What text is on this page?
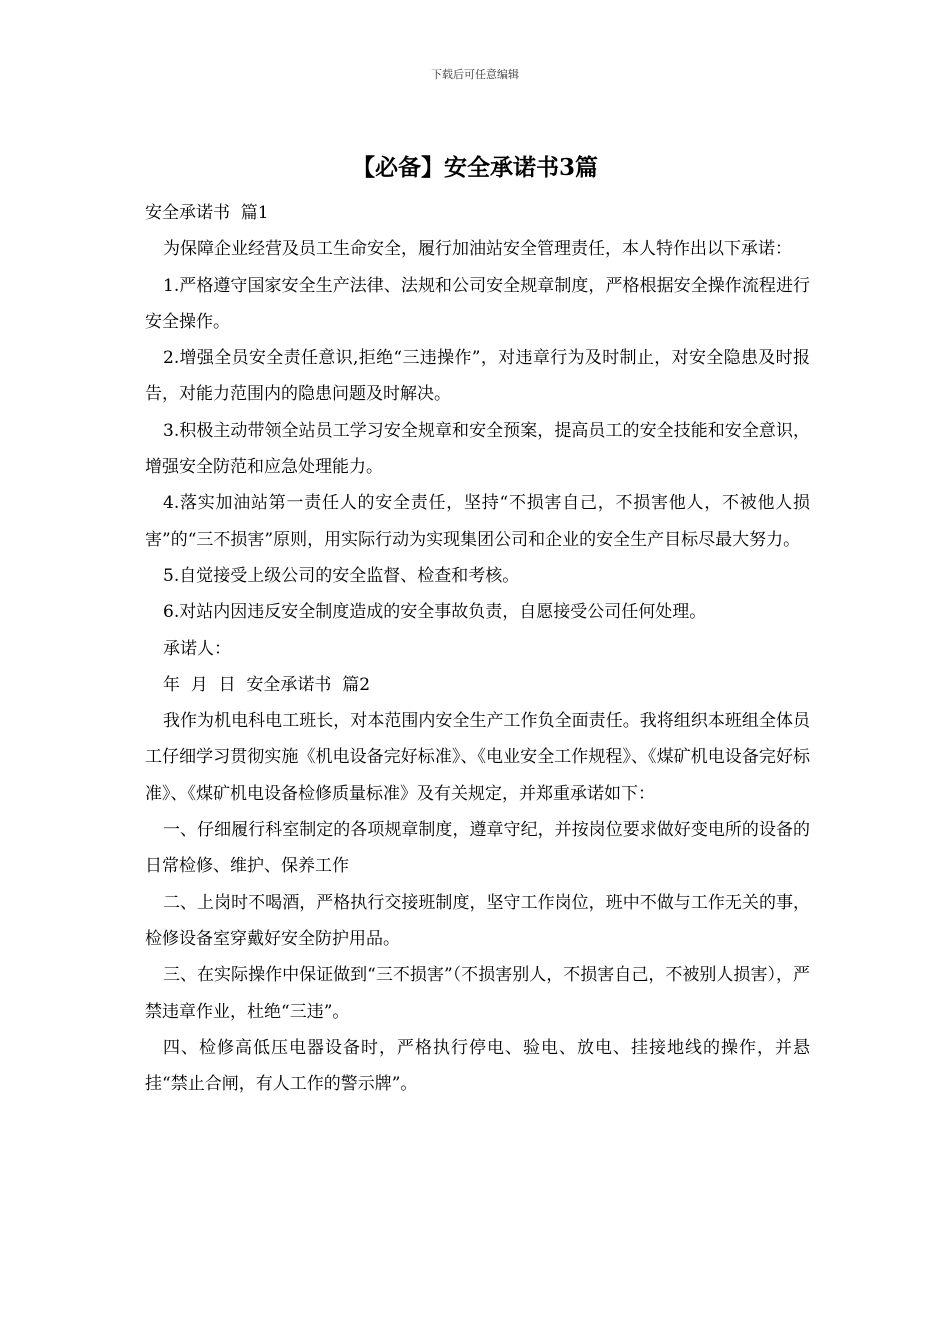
下载后可任意编辑
【必备】安全承诺书3篇

安全承诺书  篇1

为保障企业经营及员工生命安全，履行加油站安全管理责任，本人特作出以下承诺：

1.严格遵守国家安全生产法律、法规和公司安全规章制度，严格根据安全操作流程进行安全操作。

2.增强全员安全责任意识,拒绝“三违操作”，对违章行为及时制止，对安全隐患及时报告，对能力范围内的隐患问题及时解决。

3.积极主动带领全站员工学习安全规章和安全预案，提高员工的安全技能和安全意识，增强安全防范和应急处理能力。

4.落实加油站第一责任人的安全责任，坚持“不损害自己，不损害他人，不被他人损害”的“三不损害”原则，用实际行动为实现集团公司和企业的安全生产目标尽最大努力。

5.自觉接受上级公司的安全监督、检查和考核。

6.对站内因违反安全制度造成的安全事故负责，自愿接受公司任何处理。

承诺人：

年  月  日  安全承诺书  篇2

我作为机电科电工班长，对本范围内安全生产工作负全面责任。我将组织本班组全体员工仔细学习贯彻实施《机电设备完好标准》、《电业安全工作规程》、《煤矿机电设备完好标准》、《煤矿机电设备检修质量标准》及有关规定，并郑重承诺如下：

一、仔细履行科室制定的各项规章制度，遵章守纪，并按岗位要求做好变电所的设备的日常检修、维护、保养工作

二、上岗时不喝酒，严格执行交接班制度，坚守工作岗位，班中不做与工作无关的事，检修设备室穿戴好安全防护用品。

三、在实际操作中保证做到“三不损害”（不损害别人，不损害自己，不被别人损害），严禁违章作业，杜绝“三违”。

四、检修高低压电器设备时，严格执行停电、验电、放电、挂接地线的操作，并悬挂“禁止合闸，有人工作的警示牌”。
